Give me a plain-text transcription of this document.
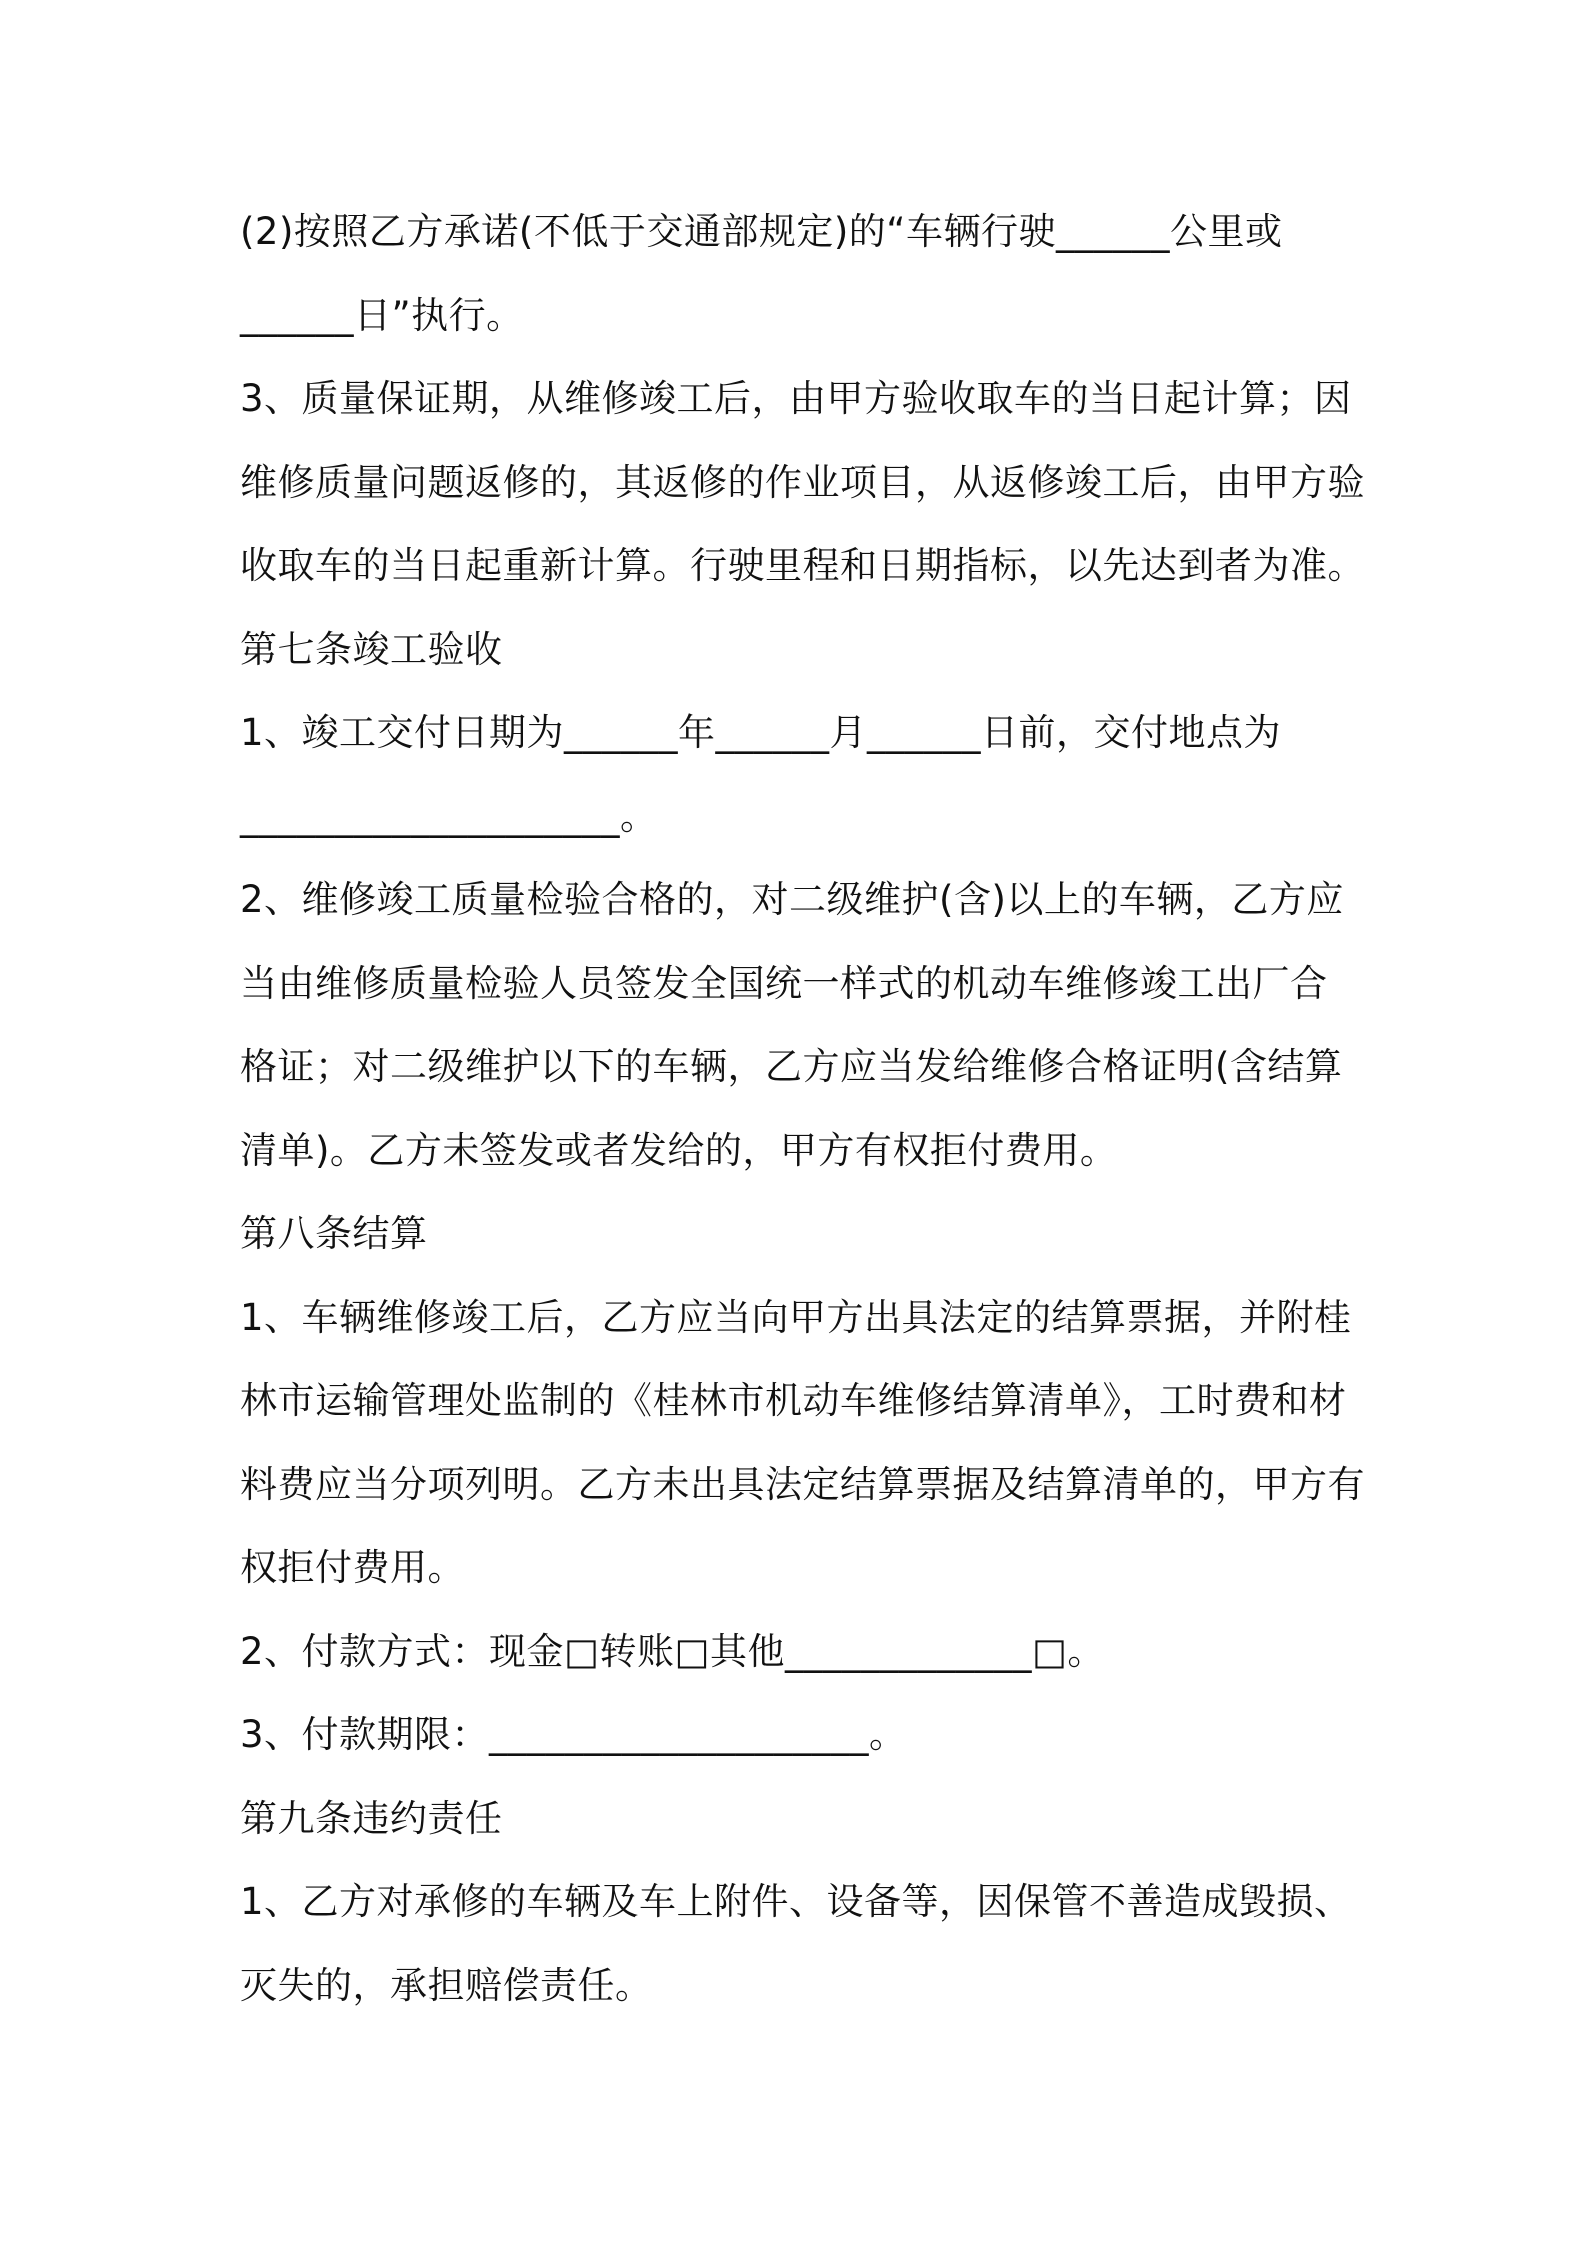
(2)按照乙方承诺(不低于交通部规定)的“车辆行驶______公里或
______日”执行。
3、质量保证期，从维修竣工后，由甲方验收取车的当日起计算；因
维修质量问题返修的，其返修的作业项目，从返修竣工后，由甲方验
收取车的当日起重新计算。行驶里程和日期指标，以先达到者为准。
第七条竣工验收
1、竣工交付日期为______年______月______日前，交付地点为
____________________。
2、维修竣工质量检验合格的，对二级维护(含)以上的车辆，乙方应
当由维修质量检验人员签发全国统一样式的机动车维修竣工出厂合
格证；对二级维护以下的车辆，乙方应当发给维修合格证明(含结算
清单)。乙方未签发或者发给的，甲方有权拒付费用。
第八条结算
1、车辆维修竣工后，乙方应当向甲方出具法定的结算票据，并附桂
林市运输管理处监制的《桂林市机动车维修结算清单》，工时费和材
料费应当分项列明。乙方未出具法定结算票据及结算清单的，甲方有
权拒付费用。
2、付款方式：现金□转账□其他_____________□。
3、付款期限：____________________。
第九条违约责任
1、乙方对承修的车辆及车上附件、设备等，因保管不善造成毁损、
灭失的，承担赔偿责任。
